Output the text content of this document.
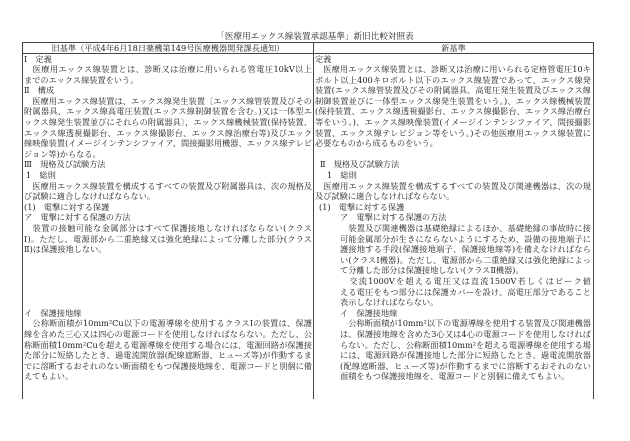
「医療用エックス線装置承認基準」新旧比較対照表
旧基準（平成4年6月18日薬機第149号医療機器開発課長通知）	新基準
Ⅰ　定義
　医療用エックス線装置とは、診断又は治療に用いられる管電圧10kV以上
までのエックス線装置をいう。
Ⅱ　構成
　医療用エックス線装置は、エックス線発生装置〔エックス線管装置及びその
附属器具、エックス線高電圧装置(エックス線制御装置を含む。)又は一体型エ
ックス線発生装置並びにそれらの附属器具〕，エックス線機械装置(保持装置、
エックス線透視撮影台、エックス線撮影台、エックス線治療台等)及びエック
線映像装置(イメージインテンシファイア、間接撮影用機器、エックス線テレビ
ジョン等)からなる。
Ⅲ　規格及び試験方法
1　総則
　医療用エックス線装置を構成するすべての装置及び附属器具は、次の規格及
び試験に適合しなければならない。
(1)　電撃に対する保護
ア　電撃に対する保護の方法
　装置の接触可能な金属部分はすべて保護接地しなければならない(クラス
Ⅰ)。ただし、電源部から二重絶縁又は強化絶縁によって分離した部分(クラス
Ⅱ)は保護接地しない。
イ　保護接地線
　公称断面積が10mm²Cu以下の電源導線を使用するクラスⅠの装置は、保護
線を含めた三心又は四心の電源コードを使用しなければならない。ただし、公
称断面積10mm²Cuを超える電源導線を使用する場合には、電源回路が保護接
た部分に短絡したとき、過電流開放器(配線遮断器、ヒューズ等)が作動するま
でに溶断するおそれのない断面積をもつ保護接地線を、電源コードと別個に備
えてもよい。
定義
　医療用エックス線装置とは、診断又は治療に用いられる定格管電圧10キ
ボルト以上400キロボルト以下のエックス線装置であって、エックス線発
装置(エックス線管装置及びその附属器具、高電圧発生装置及びエックス線
制御装置並びに一体型エックス線発生装置をいう。)、エックス線機械装置
(保持装置、エックス線透視撮影台、エックス線撮影台、エックス線治療台
等をいう。)、エックス線映像装置(イメージインテンシファイア、間接撮影
装置、エックス線テレビジョン等をいう。)その他医療用エックス線装置に
必要なものから成るものをいう。
Ⅱ　規格及び試験方法
1　総則
　医療用エックス線装置を構成するすべての装置及び関連機器は、次の規
及び試験に適合しなければならない。
(1)　電撃に対する保護
ア　電撃に対する保護の方法
　装置及び関連機器は基礎絶縁によるほか、基礎絶縁の事故時に接
可能金属部分が生きにならないようにするため、設備の接地端子に
護接地する手段(保護接地端子、保護接地線等)を備えなければなら
い(クラスⅠ機器)。ただし、電源部から二重絶縁又は強化絶縁によっ
て分離した部分は保護接地しない(クラスⅡ機器)。
　交流1000Vを超える電圧又は直流1500V若しくはピーク値
える電圧をもつ部分には保護カバーを設け、高電圧部分であること
表示しなければならない。
イ　保護接地線
　公称断面積が10mm²以下の電源導線を使用する装置及び関連機器
は、保護接地線を含めた3心又は4心の電源コードを使用しなければ
らない。ただし、公称断面積10mm²を超える電源導線を使用する場
には、電源回路が保護接地した部分に短絡したとき、過電流開放器
(配線遮断器、ヒューズ等)が作動するまでに溶断するおそれのない
面積をもつ保護接地線を、電源コードと別個に備えてもよい。
